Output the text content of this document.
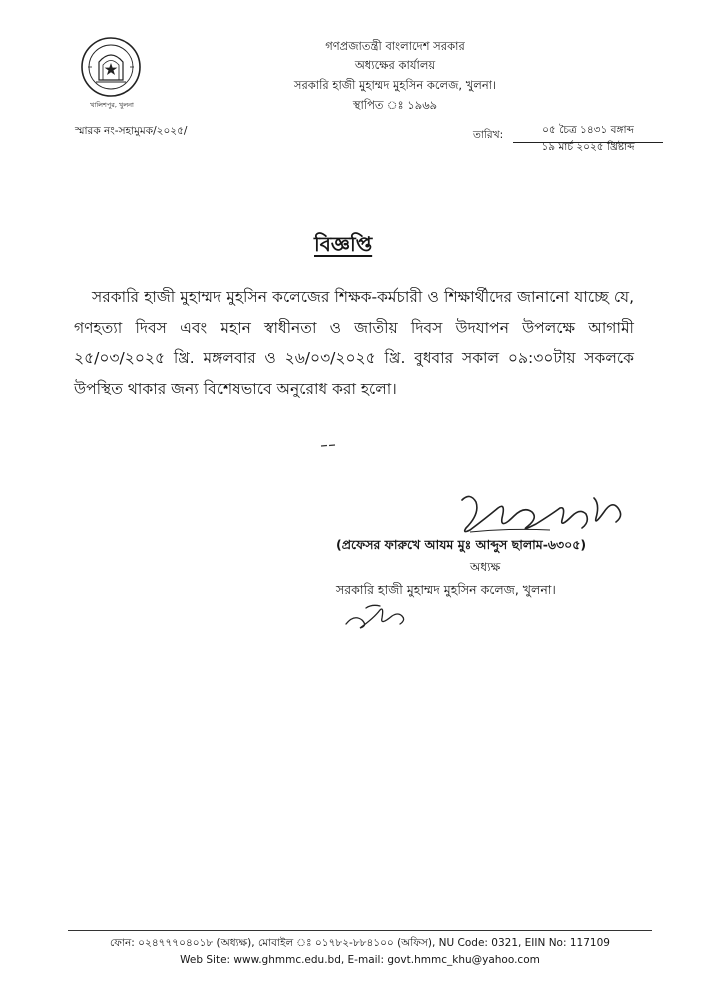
খালিশপুর, খুলনা
গণপ্রজাতন্ত্রী বাংলাদেশ সরকার
অধ্যক্ষের কার্যালয়
সরকারি হাজী মুহাম্মদ মুহসিন কলেজ, খুলনা।
স্থাপিত ঃ ১৯৬৯
স্মারক নং-সহামুমক/২০২৫/	তারিখ:	০৫ চৈত্র ১৪৩১ বঙ্গাব্দ
১৯ মার্চ ২০২৫ খ্রিষ্টাব্দ
বিজ্ঞপ্তি
সরকারি হাজী মুহাম্মদ মুহসিন কলেজের শিক্ষক-কর্মচারী ও শিক্ষার্থীদের জানানো যাচ্ছে যে, গণহত্যা দিবস এবং মহান স্বাধীনতা ও জাতীয় দিবস উদযাপন উপলক্ষে আগামী ২৫/০৩/২০২৫ খ্রি. মঙ্গলবার ও ২৬/০৩/২০২৫ খ্রি. বুধবার সকাল ০৯:৩০টায় সকলকে উপস্থিত থাকার জন্য বিশেষভাবে অনুরোধ করা হলো।
(প্রফেসর ফারুখে আযম মুঃ আব্দুস ছালাম-৬৩০৫)
অধ্যক্ষ
সরকারি হাজী মুহাম্মদ মুহসিন কলেজ, খুলনা।
ফোন: ০২৪৭৭৭০৪০১৮ (অধ্যক্ষ), মোবাইল ঃ ০১৭৮২-৮৮৪১০০ (অফিস), NU Code: 0321, EIIN No: 117109
Web Site: www.ghmmc.edu.bd, E-mail: govt.hmmc_khu@yahoo.com
